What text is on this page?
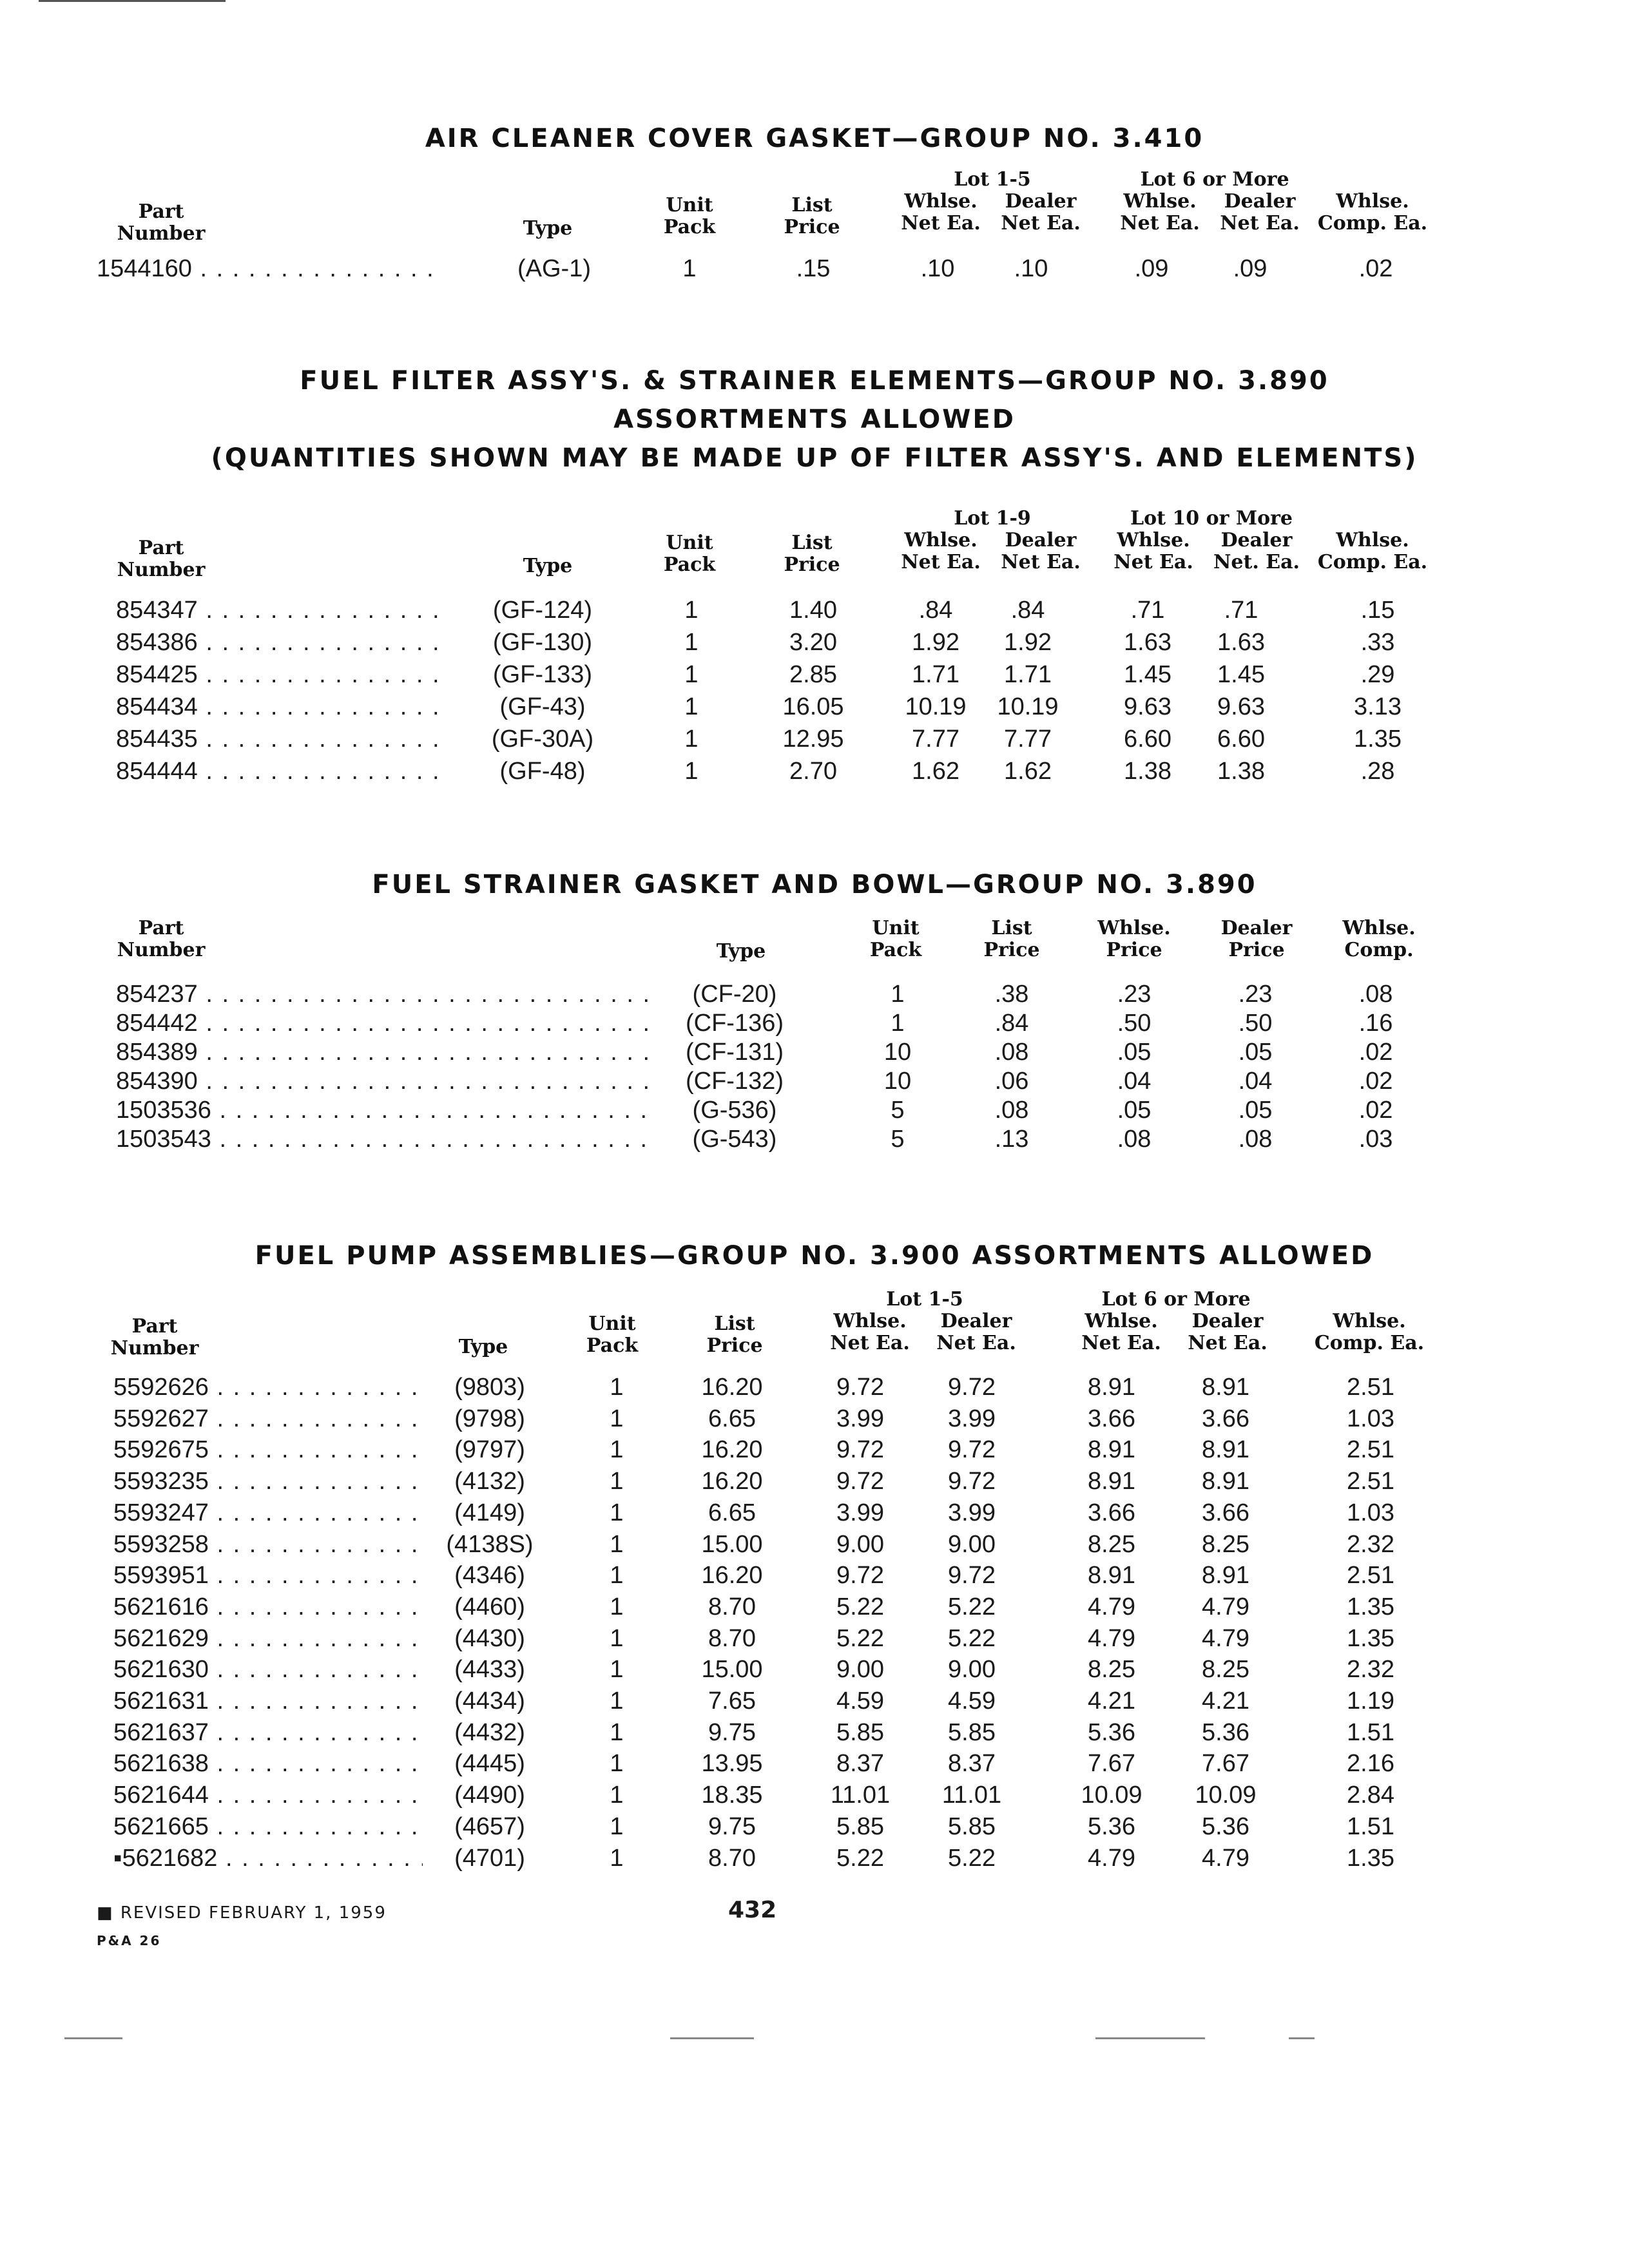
AIR CLEANER COVER GASKET—GROUP NO. 3.410
Part
Number	Type
Unit
Pack
List
Price
Lot 1-5	Lot 6 or More
Whlse.
Net Ea.
Dealer
Net Ea.
Whlse.
Net Ea.
Dealer
Net Ea.
Whlse.
Comp. Ea.
1544160 . . .	(AG-1)	1	.15	.10 .10	.09	.09	.02
FUEL FILTER ASSY'S. & STRAINER ELEMENTS—GROUP NO. 3.890
ASSORTMENTS ALLOWED
(QUANTITIES SHOWN MAY BE MADE UP OF FILTER ASSY'S. AND ELEMENTS)
Part
Number	Type
Unit
Pack
List
Price
Lot 1-9	Lot 10 or More
Whlse.
Net Ea.
Dealer
Net Ea.
Whlse.
Net Ea.
Dealer
Net. Ea.
Whlse.
Comp. Ea.
854347 . . .	(GF-124)	1	1.40	.84 .84	.71 .71	.15
854386 . . .	(GF-130)	1	3.20	1.92 1.92	1.63 1.63	.33
854425 . . .	(GF-133)	1	2.85	1.71 1.71	1.45 1.45	.29
854434 . . .	(GF-43)	1	16.05 10.19 10.19	9.63 9.63	3.13
854435 . . .	(GF-30A)	1	12.95	7.77 7.77	6.60 6.60	1.35
854444 . . .	(GF-48)	1	2.70	1.62 1.62	1.38 1.38	.28
FUEL STRAINER GASKET AND BOWL—GROUP NO. 3.890
Part
Number	Type
Unit
Pack
List
Price
Whlse.
Price
Dealer
Price
Whlse.
Comp.
854237 . . .	(CF-20)	1	.38	.23	.23	.08
854442 . . .	(CF-136)	1	.84	.50	.50	.16
854389 . . .	(CF-131)	10	.08	.05	.05	.02
854390 . . .	(CF-132)	10	.06	.04	.04	.02
1503536 . . .	(G-536)	5	.08	.05	.05	.02
1503543 . . .	(G-543)	5	.13	.08	.08	.03
FUEL PUMP ASSEMBLIES—GROUP NO. 3.900 ASSORTMENTS ALLOWED
Part
Number	Type
Unit
Pack
List
Price
Lot 1-5	Lot 6 or More
Whlse.
Net Ea.
Dealer
Net Ea.
Whlse.
Net Ea.
Dealer
Net Ea.
Whlse.
Comp. Ea.
5592626 . . .	(9803)	1	16.20	9.72	9.72	8.91	8.91	2.51
5592627 . . .	(9798)	1	6.65	3.99	3.99	3.66	3.66	1.03
5592675 . . .	(9797)	1	16.20	9.72	9.72	8.91	8.91	2.51
5593235 . . .	(4132)	1	16.20	9.72	9.72	8.91	8.91	2.51
5593247 . . .	(4149)	1	6.65	3.99	3.99	3.66	3.66	1.03
5593258 . . .	(4138S)	1	15.00	9.00	9.00	8.25	8.25	2.32
5593951 . . .	(4346)	1	16.20	9.72	9.72	8.91	8.91	2.51
5621616 . . .	(4460)	1	8.70	5.22	5.22	4.79	4.79	1.35
5621629 . . .	(4430)	1	8.70	5.22	5.22	4.79	4.79	1.35
5621630 . . .	(4433)	1	15.00	9.00	9.00	8.25	8.25	2.32
5621631 . . .	(4434)	1	7.65	4.59	4.59	4.21	4.21	1.19
5621637 . . .	(4432)	1	9.75	5.85	5.85	5.36	5.36	1.51
5621638 . . .	(4445)	1	13.95	8.37	8.37	7.67	7.67	2.16
5621644 . . .	(4490)	1	18.35	11.01 11.01	10.09 10.09	2.84
5621665 . . .	(4657)	1	9.75	5.85	5.85	5.36	5.36	1.51
▪5621682 . . .	(4701)	1	8.70	5.22	5.22	4.79	4.79	1.35
■ REVISED FEBRUARY 1, 1959
P&A 26
432
